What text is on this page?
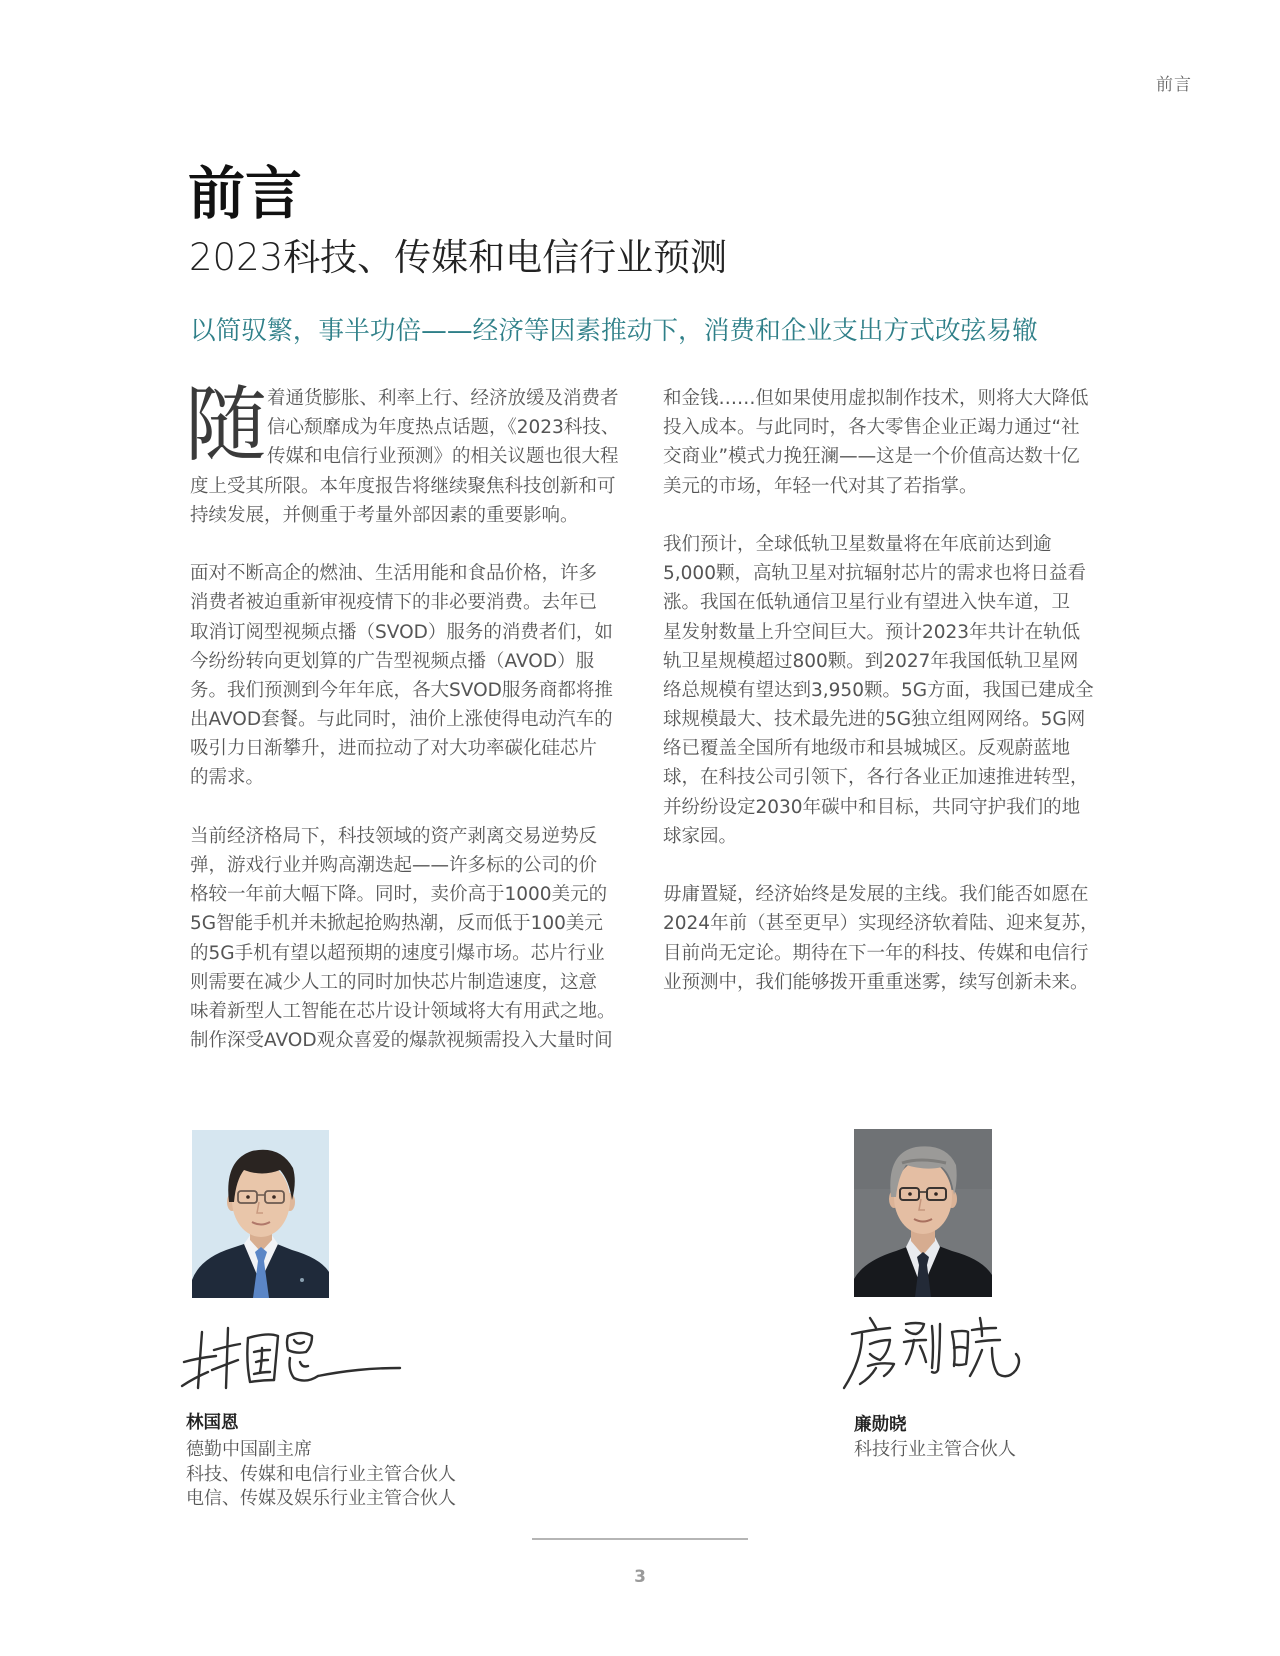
前言
前言
2023科技、传媒和电信行业预测
以简驭繁，事半功倍——经济等因素推动下，消费和企业支出方式改弦易辙
随 着通货膨胀、利率上行、经济放缓及消费者
信心颓靡成为年度热点话题，《2023科技、
传媒和电信行业预测》的相关议题也很大程
度上受其所限。本年度报告将继续聚焦科技创新和可
持续发展，并侧重于考量外部因素的重要影响。
面对不断高企的燃油、生活用能和食品价格，许多
消费者被迫重新审视疫情下的非必要消费。去年已
取消订阅型视频点播（SVOD）服务的消费者们，如
今纷纷转向更划算的广告型视频点播（AVOD）服
务。我们预测到今年年底，各大SVOD服务商都将推
出AVOD套餐。与此同时，油价上涨使得电动汽车的
吸引力日渐攀升，进而拉动了对大功率碳化硅芯片
的需求。
当前经济格局下，科技领域的资产剥离交易逆势反
弹，游戏行业并购高潮迭起——许多标的公司的价
格较一年前大幅下降。同时，卖价高于1000美元的
5G智能手机并未掀起抢购热潮，反而低于100美元
的5G手机有望以超预期的速度引爆市场。芯片行业
则需要在减少人工的同时加快芯片制造速度，这意
味着新型人工智能在芯片设计领域将大有用武之地。
制作深受AVOD观众喜爱的爆款视频需投入大量时间
和金钱……但如果使用虚拟制作技术，则将大大降低
投入成本。与此同时，各大零售企业正竭力通过“社
交商业”模式力挽狂澜——这是一个价值高达数十亿
美元的市场，年轻一代对其了若指掌。
我们预计，全球低轨卫星数量将在年底前达到逾
5,000颗，高轨卫星对抗辐射芯片的需求也将日益看
涨。我国在低轨通信卫星行业有望进入快车道，卫
星发射数量上升空间巨大。预计2023年共计在轨低
轨卫星规模超过800颗。到2027年我国低轨卫星网
络总规模有望达到3,950颗。5G方面，我国已建成全
球规模最大、技术最先进的5G独立组网网络。5G网
络已覆盖全国所有地级市和县城城区。反观蔚蓝地
球，在科技公司引领下，各行各业正加速推进转型，
并纷纷设定2030年碳中和目标，共同守护我们的地
球家园。
毋庸置疑，经济始终是发展的主线。我们能否如愿在
2024年前（甚至更早）实现经济软着陆、迎来复苏，
目前尚无定论。期待在下一年的科技、传媒和电信行
业预测中，我们能够拨开重重迷雾，续写创新未来。
林国恩
德勤中国副主席
科技、传媒和电信行业主管合伙人
电信、传媒及娱乐行业主管合伙人
廉勋晓
科技行业主管合伙人
3
